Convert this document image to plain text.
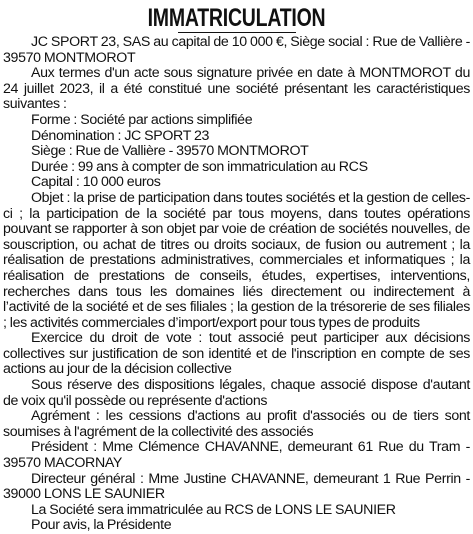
IMMATRICULATION

JC SPORT 23, SAS au capital de 10 000 €, Siège social : Rue de Vallière - 39570 MONTMOROT

Aux termes d'un acte sous signature privée en date à MONTMOROT du 24 juillet 2023, il a été constitué une société présentant les caractéristiques suivantes :

Forme : Société par actions simplifiée

Dénomination : JC SPORT 23

Siège : Rue de Vallière - 39570 MONTMOROT

Durée : 99 ans à compter de son immatriculation au RCS

Capital : 10 000 euros

Objet : la prise de participation dans toutes sociétés et la gestion de celles-ci ; la participation de la société par tous moyens, dans toutes opérations pouvant se rapporter à son objet par voie de création de sociétés nouvelles, de souscription, ou achat de titres ou droits sociaux, de fusion ou autrement ; la réalisation de prestations administratives, commerciales et informatiques ; la réalisation de prestations de conseils, études, expertises, interventions, recherches dans tous les domaines liés directement ou indirectement à l’activité de la société et de ses filiales ; la gestion de la trésorerie de ses filiales ; les activités commerciales d’import/export pour tous types de produits

Exercice du droit de vote : tout associé peut participer aux décisions collectives sur justification de son identité et de l'inscription en compte de ses actions au jour de la décision collective

Sous réserve des dispositions légales, chaque associé dispose d'autant de voix qu'il possède ou représente d'actions

Agrément : les cessions d'actions au profit d'associés ou de tiers sont soumises à l'agrément de la collectivité des associés

Président : Mme Clémence CHAVANNE, demeurant 61 Rue du Tram - 39570 MACORNAY

Directeur général : Mme Justine CHAVANNE, demeurant 1 Rue Perrin - 39000 LONS LE SAUNIER

La Société sera immatriculée au RCS de LONS LE SAUNIER

Pour avis, la Présidente
